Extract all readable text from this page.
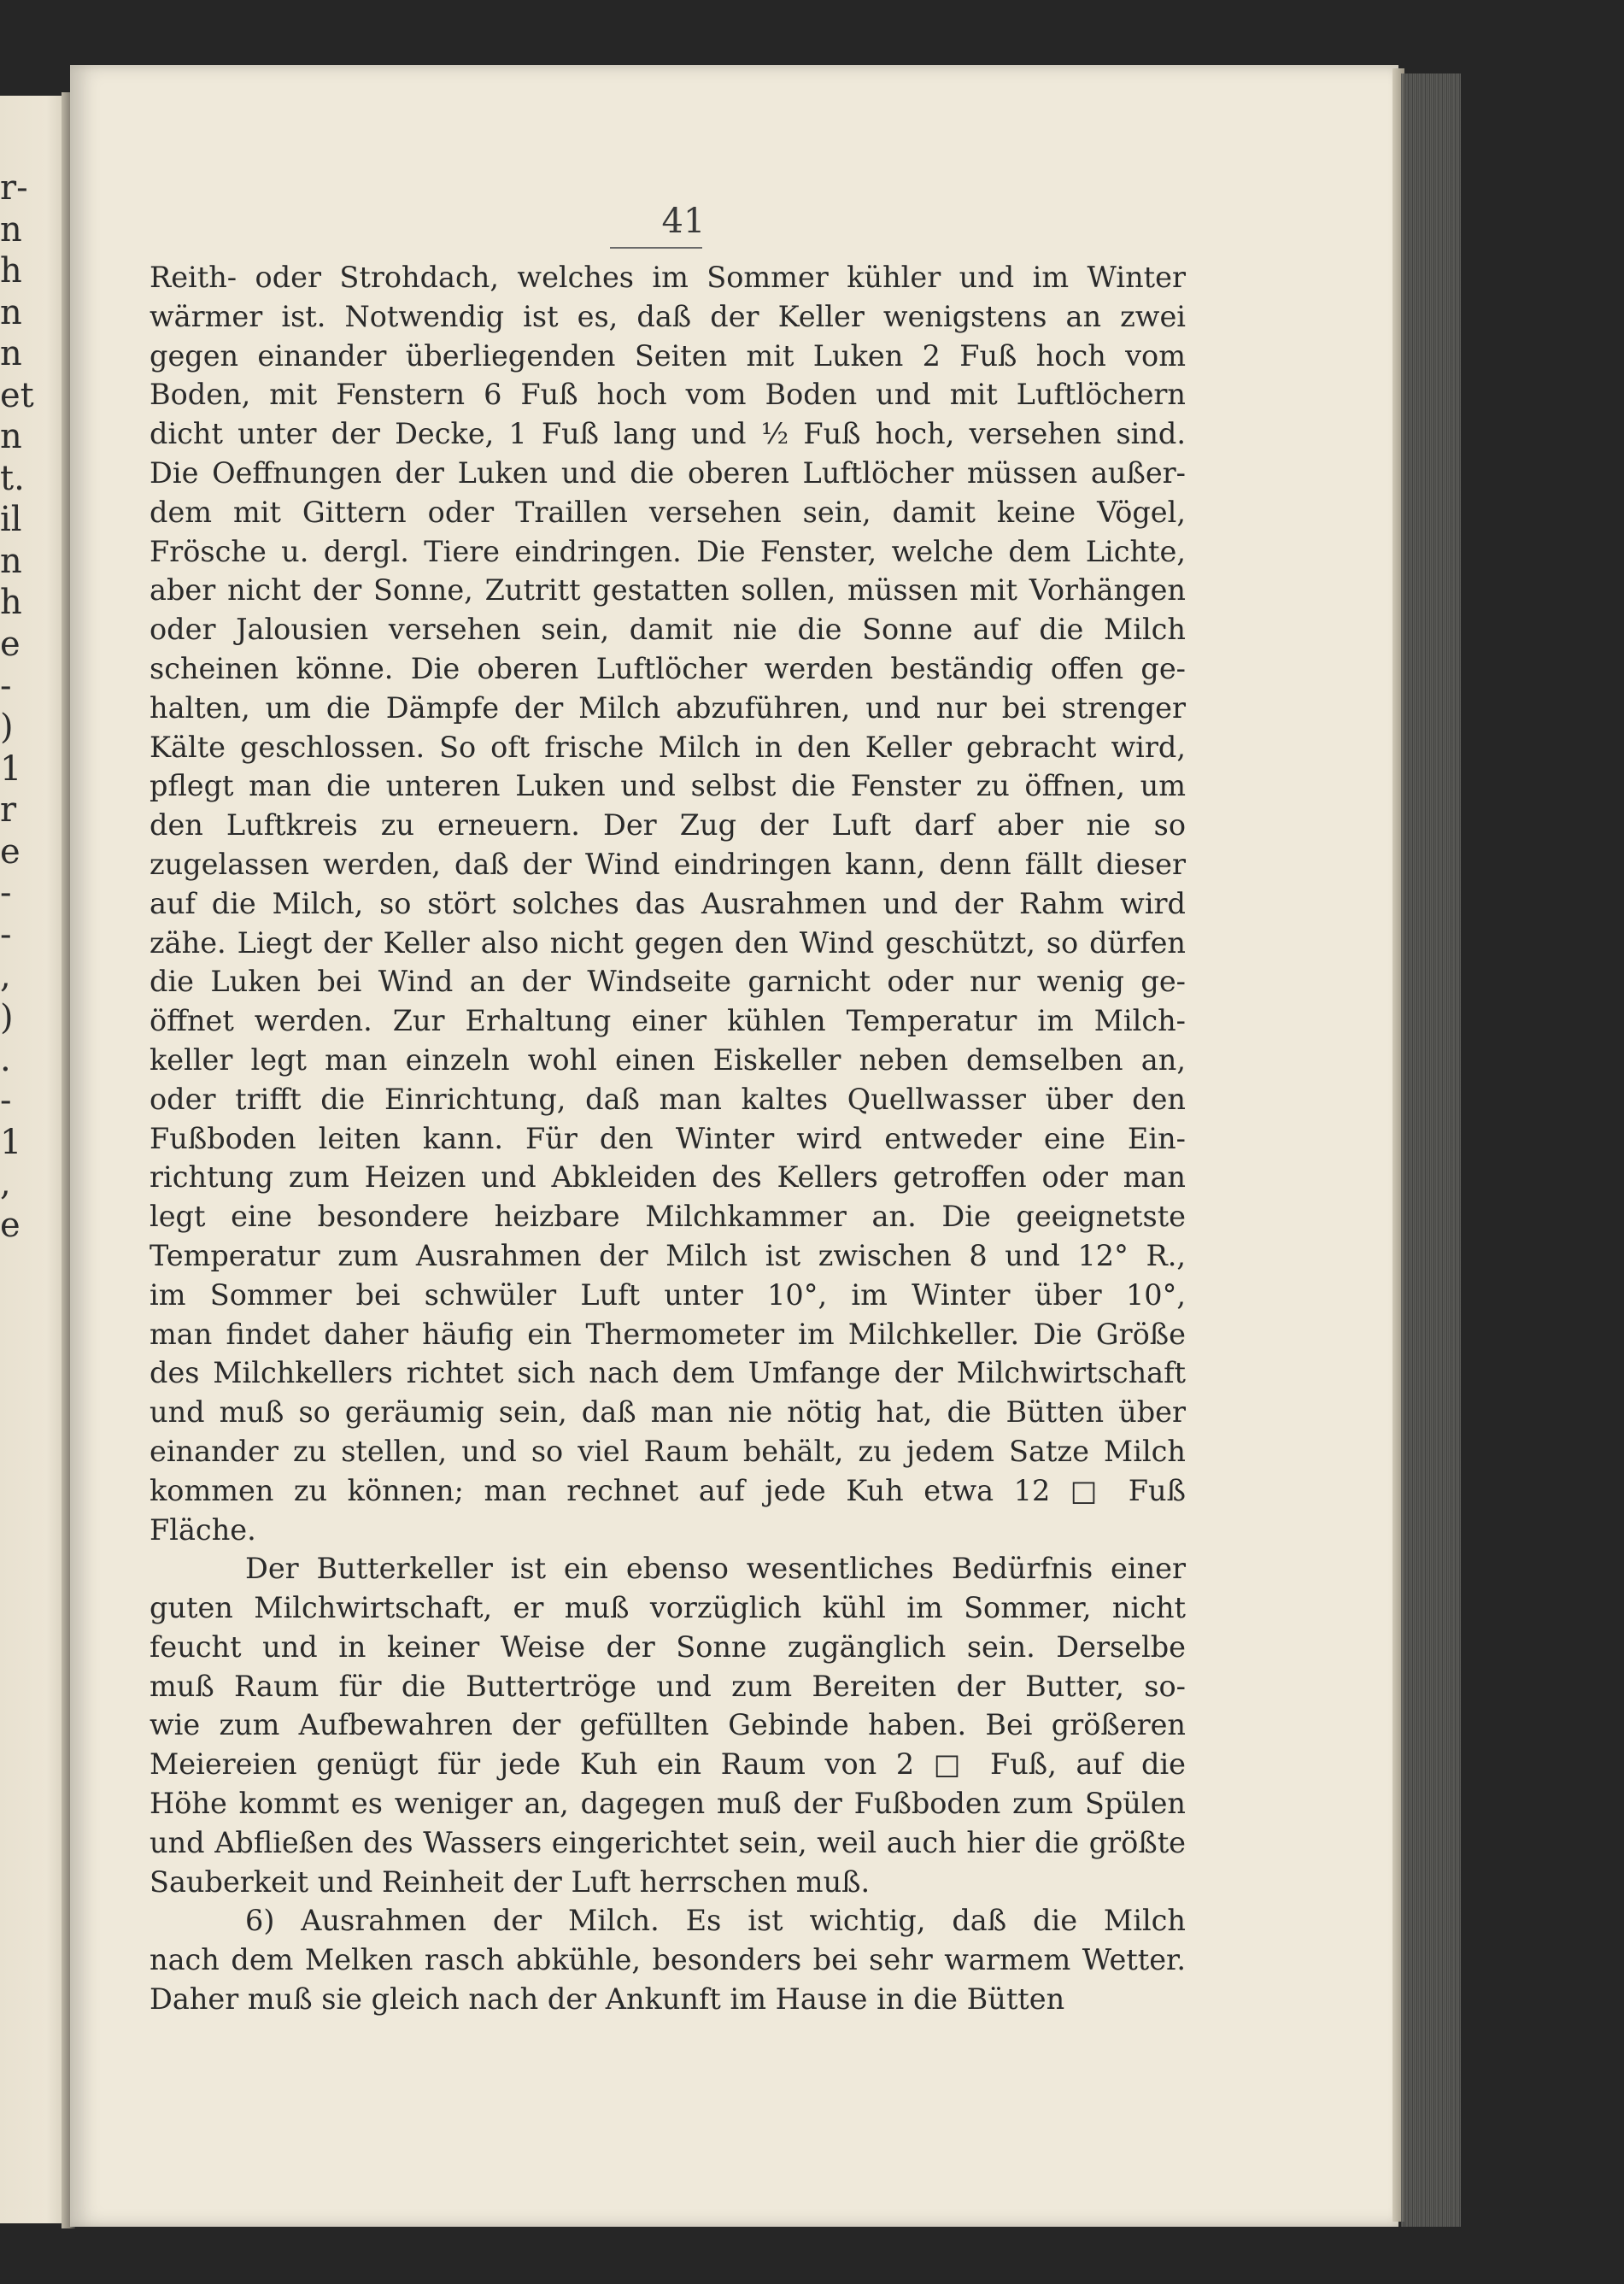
r-
n
h
n
n
et
n
t.
il
n
h
e
-
)
1
r
e
-
-
,
)
.
-
1
,
e
41
Reith- oder Strohdach, welches im Sommer kühler und im Winter
wärmer ist. Notwendig ist es, daß der Keller wenigstens an zwei
gegen einander überliegenden Seiten mit Luken 2 Fuß hoch vom
Boden, mit Fenstern 6 Fuß hoch vom Boden und mit Luftlöchern
dicht unter der Decke, 1 Fuß lang und ½ Fuß hoch, versehen sind.
Die Oeffnungen der Luken und die oberen Luftlöcher müssen außer-
dem mit Gittern oder Traillen versehen sein, damit keine Vögel,
Frösche u. dergl. Tiere eindringen. Die Fenster, welche dem Lichte,
aber nicht der Sonne, Zutritt gestatten sollen, müssen mit Vorhängen
oder Jalousien versehen sein, damit nie die Sonne auf die Milch
scheinen könne. Die oberen Luftlöcher werden beständig offen ge-
halten, um die Dämpfe der Milch abzuführen, und nur bei strenger
Kälte geschlossen. So oft frische Milch in den Keller gebracht wird,
pflegt man die unteren Luken und selbst die Fenster zu öffnen, um
den Luftkreis zu erneuern. Der Zug der Luft darf aber nie so
zugelassen werden, daß der Wind eindringen kann, denn fällt dieser
auf die Milch, so stört solches das Ausrahmen und der Rahm wird
zähe. Liegt der Keller also nicht gegen den Wind geschützt, so dürfen
die Luken bei Wind an der Windseite garnicht oder nur wenig ge-
öffnet werden. Zur Erhaltung einer kühlen Temperatur im Milch-
keller legt man einzeln wohl einen Eiskeller neben demselben an,
oder trifft die Einrichtung, daß man kaltes Quellwasser über den
Fußboden leiten kann. Für den Winter wird entweder eine Ein-
richtung zum Heizen und Abkleiden des Kellers getroffen oder man
legt eine besondere heizbare Milchkammer an. Die geeignetste
Temperatur zum Ausrahmen der Milch ist zwischen 8 und 12° R.,
im Sommer bei schwüler Luft unter 10°, im Winter über 10°,
man findet daher häufig ein Thermometer im Milchkeller. Die Größe
des Milchkellers richtet sich nach dem Umfange der Milchwirtschaft
und muß so geräumig sein, daß man nie nötig hat, die Bütten über
einander zu stellen, und so viel Raum behält, zu jedem Satze Milch
kommen zu können; man rechnet auf jede Kuh etwa 12 □ Fuß
Fläche.
Der Butterkeller ist ein ebenso wesentliches Bedürfnis einer
guten Milchwirtschaft, er muß vorzüglich kühl im Sommer, nicht
feucht und in keiner Weise der Sonne zugänglich sein. Derselbe
muß Raum für die Buttertröge und zum Bereiten der Butter, so-
wie zum Aufbewahren der gefüllten Gebinde haben. Bei größeren
Meiereien genügt für jede Kuh ein Raum von 2 □ Fuß, auf die
Höhe kommt es weniger an, dagegen muß der Fußboden zum Spülen
und Abfließen des Wassers eingerichtet sein, weil auch hier die größte
Sauberkeit und Reinheit der Luft herrschen muß.
6) Ausrahmen der Milch. Es ist wichtig, daß die Milch
nach dem Melken rasch abkühle, besonders bei sehr warmem Wetter.
Daher muß sie gleich nach der Ankunft im Hause in die Bütten
